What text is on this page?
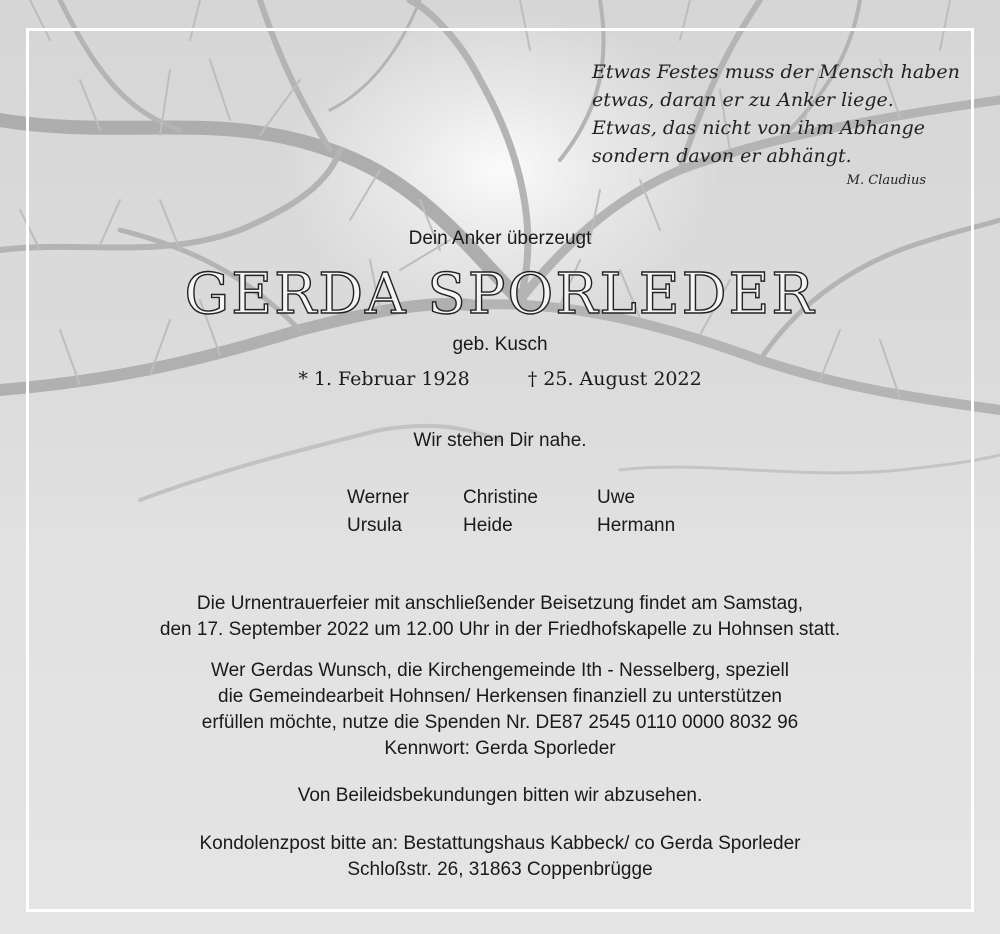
Etwas Festes muss der Mensch haben
etwas, daran er zu Anker liege.
Etwas, das nicht von ihm Abhange
sondern davon er abhängt.
M. Claudius
Dein Anker überzeugt
GERDA SPORLEDER
geb. Kusch
* 1. Februar 1928	† 25. August 2022
Wir stehen Dir nahe.
Werner	Christine	Uwe
Ursula	Heide	Hermann
Die Urnentrauerfeier mit anschließender Beisetzung findet am Samstag,
den 17. September 2022 um 12.00 Uhr in der Friedhofskapelle zu Hohnsen statt.
Wer Gerdas Wunsch, die Kirchengemeinde Ith - Nesselberg, speziell
die Gemeindearbeit Hohnsen/ Herkensen finanziell zu unterstützen
erfüllen möchte, nutze die Spenden Nr. DE87 2545 0110 0000 8032 96
Kennwort: Gerda Sporleder
Von Beileidsbekundungen bitten wir abzusehen.
Kondolenzpost bitte an: Bestattungshaus Kabbeck/ co Gerda Sporleder
Schloßstr. 26, 31863 Coppenbrügge
